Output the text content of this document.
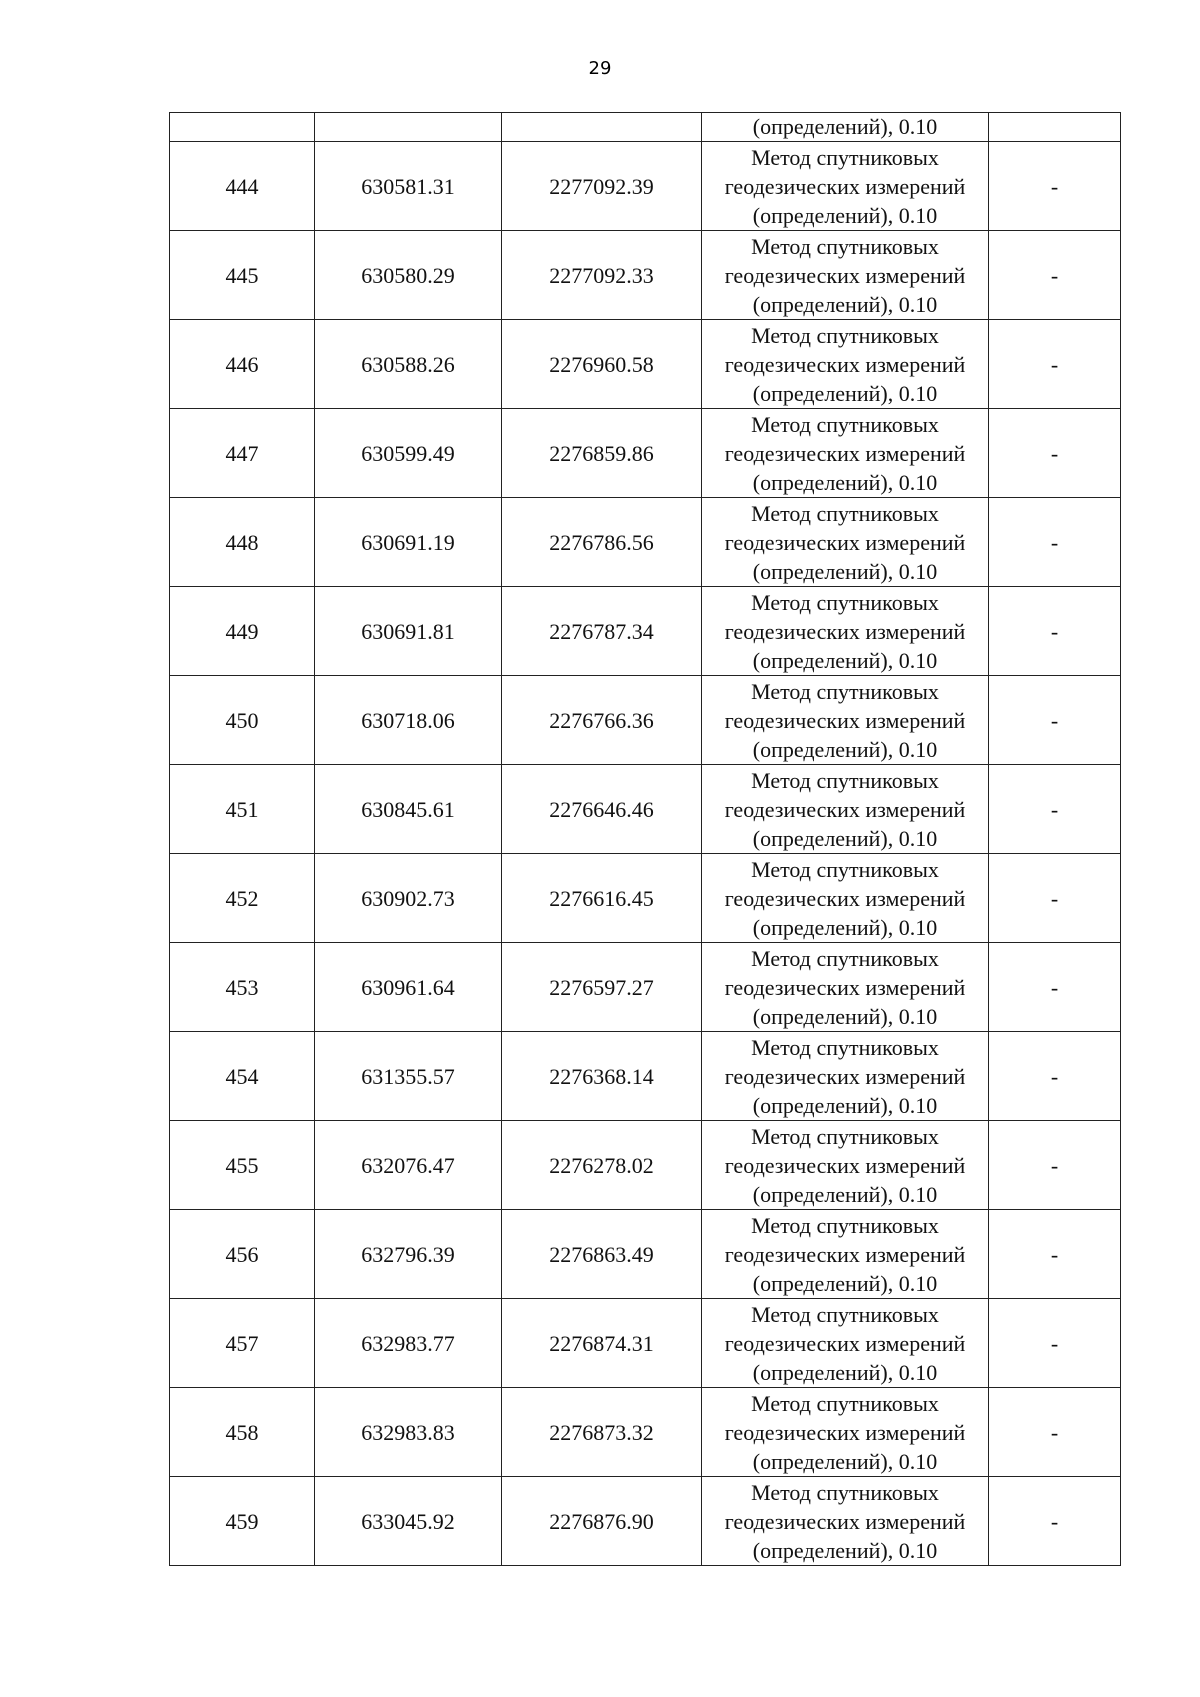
29
			(определений), 0.10	
444	630581.31	2277092.39	Метод спутниковых
геодезических измерений
(определений), 0.10	-
445	630580.29	2277092.33	Метод спутниковых
геодезических измерений
(определений), 0.10	-
446	630588.26	2276960.58	Метод спутниковых
геодезических измерений
(определений), 0.10	-
447	630599.49	2276859.86	Метод спутниковых
геодезических измерений
(определений), 0.10	-
448	630691.19	2276786.56	Метод спутниковых
геодезических измерений
(определений), 0.10	-
449	630691.81	2276787.34	Метод спутниковых
геодезических измерений
(определений), 0.10	-
450	630718.06	2276766.36	Метод спутниковых
геодезических измерений
(определений), 0.10	-
451	630845.61	2276646.46	Метод спутниковых
геодезических измерений
(определений), 0.10	-
452	630902.73	2276616.45	Метод спутниковых
геодезических измерений
(определений), 0.10	-
453	630961.64	2276597.27	Метод спутниковых
геодезических измерений
(определений), 0.10	-
454	631355.57	2276368.14	Метод спутниковых
геодезических измерений
(определений), 0.10	-
455	632076.47	2276278.02	Метод спутниковых
геодезических измерений
(определений), 0.10	-
456	632796.39	2276863.49	Метод спутниковых
геодезических измерений
(определений), 0.10	-
457	632983.77	2276874.31	Метод спутниковых
геодезических измерений
(определений), 0.10	-
458	632983.83	2276873.32	Метод спутниковых
геодезических измерений
(определений), 0.10	-
459	633045.92	2276876.90	Метод спутниковых
геодезических измерений
(определений), 0.10	-
